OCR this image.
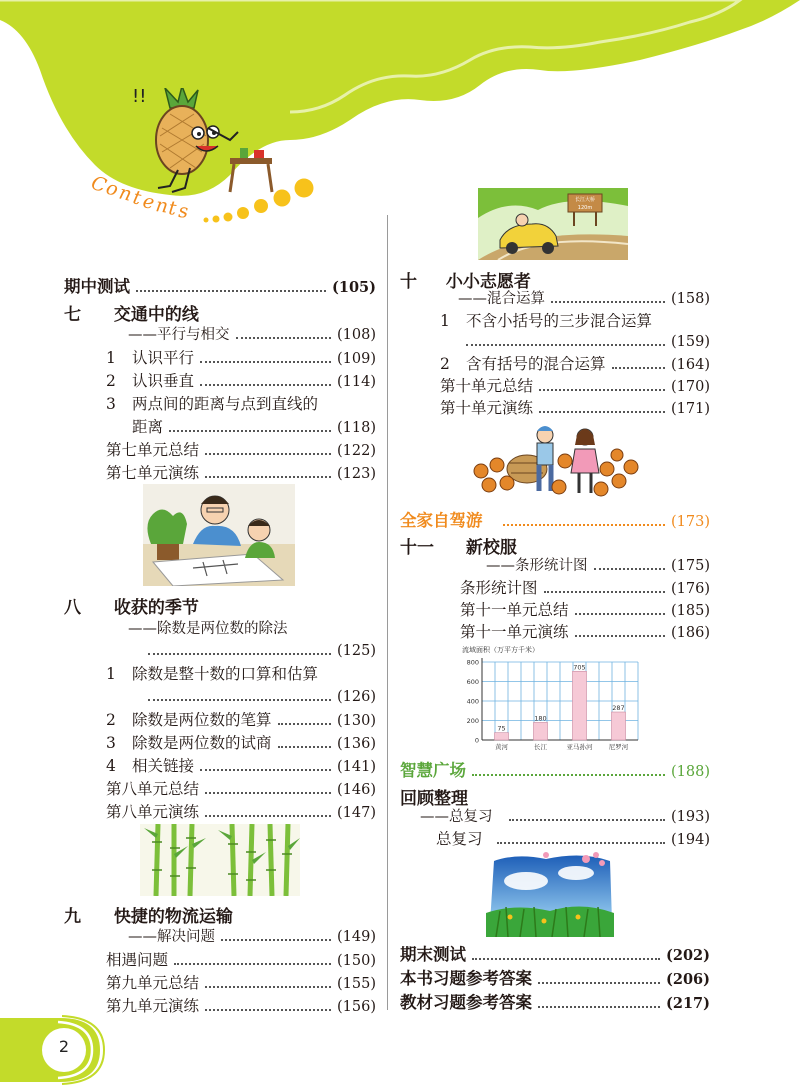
!!
C
o
n
t
e
n
t s
期中测试	(105)
七 交通中的线
——平行与相交	(108)
1 认识平行	(109)
2 认识垂直	(114)
3 两点间的距离与点到直线的
距离	(118)
第七单元总结	(122)
第七单元演练	(123)
八 收获的季节
——除数是两位数的除法
(125)
1 除数是整十数的口算和估算
(126)
2 除数是两位数的笔算	(130)
3 除数是两位数的试商	(136)
4 相关链接	(141)
第八单元总结	(146)
第八单元演练	(147)
九 快捷的物流运输
——解决问题	(149)
相遇问题	(150)
第九单元总结	(155)
第九单元演练	(156)
长江大桥
120m
十 小小志愿者
——混合运算	(158)
1 不含小括号的三步混合运算
(159)
2 含有括号的混合运算	(164)
第十单元总结	(170)
第十单元演练	(171)
全家自驾游	(173)
十一 新校服
——条形统计图	(175)
条形统计图	(176)
第十一单元总结	(185)
第十一单元演练	(186)
流域面积（万平方千米）
0
200
400
600
800
75
黄河
180
长江
705
亚马孙河
287
尼罗河
智慧广场	(188)
回顾整理
——总复习	(193)
总复习	(194)
期末测试	(202)
本书习题参考答案	(206)
教材习题参考答案	(217)
2
